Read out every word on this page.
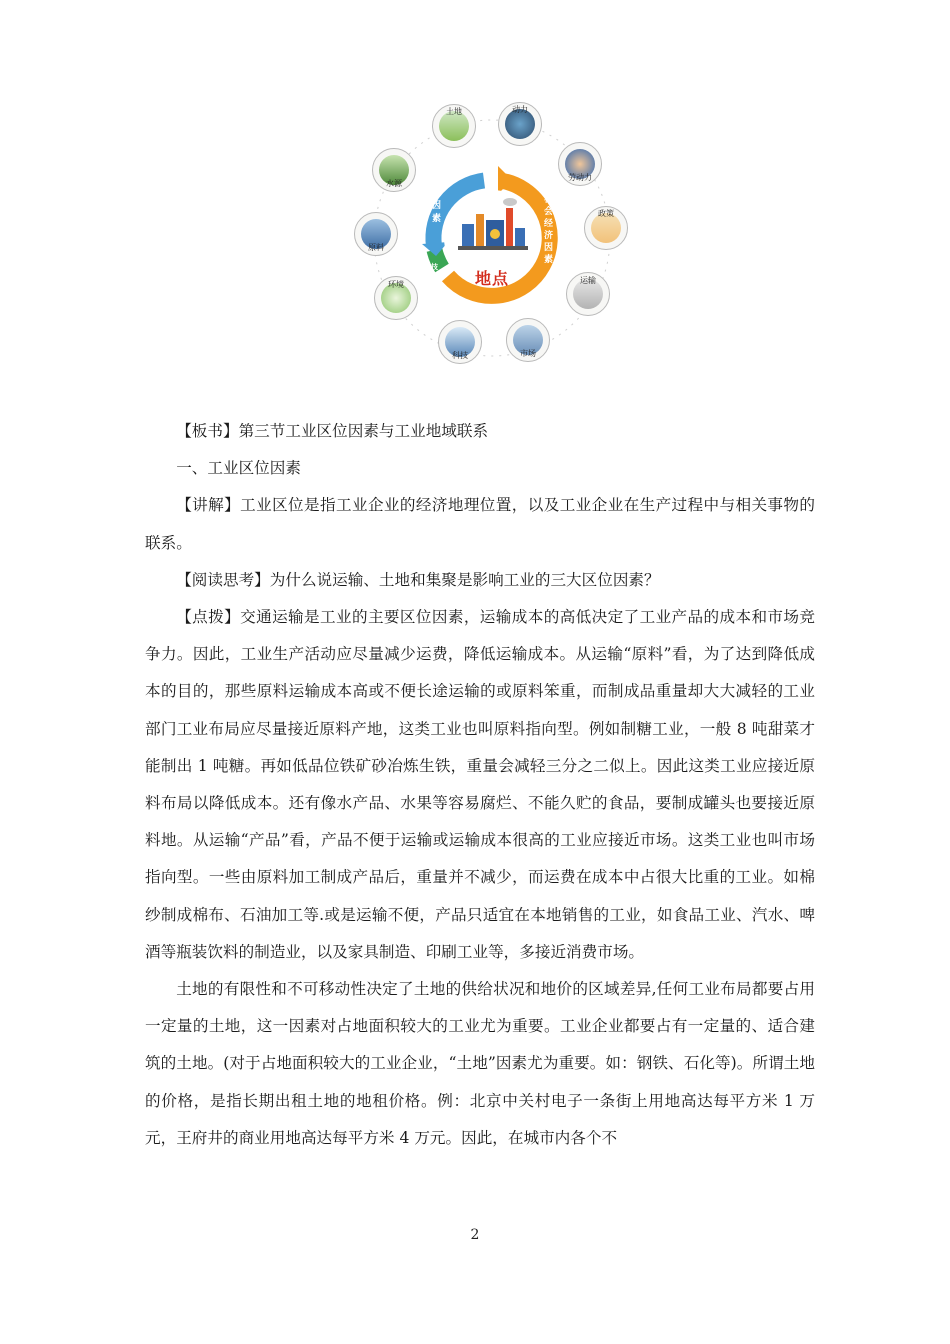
自然因素
社会经济因素
科技因素	地点
土地	动力
劳动力
政策
运输
市场
科技
环境
原料
水源

【板书】第三节工业区位因素与工业地域联系

一、工业区位因素

【讲解】工业区位是指工业企业的经济地理位置，以及工业企业在生产过程中与相关事物的联系。

【阅读思考】为什么说运输、土地和集聚是影响工业的三大区位因素？

【点拨】交通运输是工业的主要区位因素，运输成本的高低决定了工业产品的成本和市场竞争力。因此，工业生产活动应尽量减少运费，降低运输成本。从运输“原料”看，为了达到降低成本的目的，那些原料运输成本高或不便长途运输的或原料笨重，而制成品重量却大大减轻的工业部门工业布局应尽量接近原料产地，这类工业也叫原料指向型。例如制糖工业，一般 8 吨甜菜才能制出 1 吨糖。再如低品位铁矿砂冶炼生铁，重量会减轻三分之二似上。因此这类工业应接近原料布局以降低成本。还有像水产品、水果等容易腐烂、不能久贮的食品，要制成罐头也要接近原料地。从运输“产品”看，产品不便于运输或运输成本很高的工业应接近市场。这类工业也叫市场指向型。一些由原料加工制成产品后，重量并不减少，而运费在成本中占很大比重的工业。如棉纱制成棉布、石油加工等.或是运输不便，产品只适宜在本地销售的工业，如食品工业、汽水、啤酒等瓶装饮料的制造业，以及家具制造、印刷工业等，多接近消费市场。

土地的有限性和不可移动性决定了土地的供给状况和地价的区域差异,任何工业布局都要占用一定量的土地，这一因素对占地面积较大的工业尤为重要。工业企业都要占有一定量的、适合建筑的土地。(对于占地面积较大的工业企业，“土地”因素尤为重要。如：钢铁、石化等)。所谓土地的价格，是指长期出租土地的地租价格。例：北京中关村电子一条街上用地高达每平方米 1 万元，王府井的商业用地高达每平方米 4 万元。因此，在城市内各个不

2
